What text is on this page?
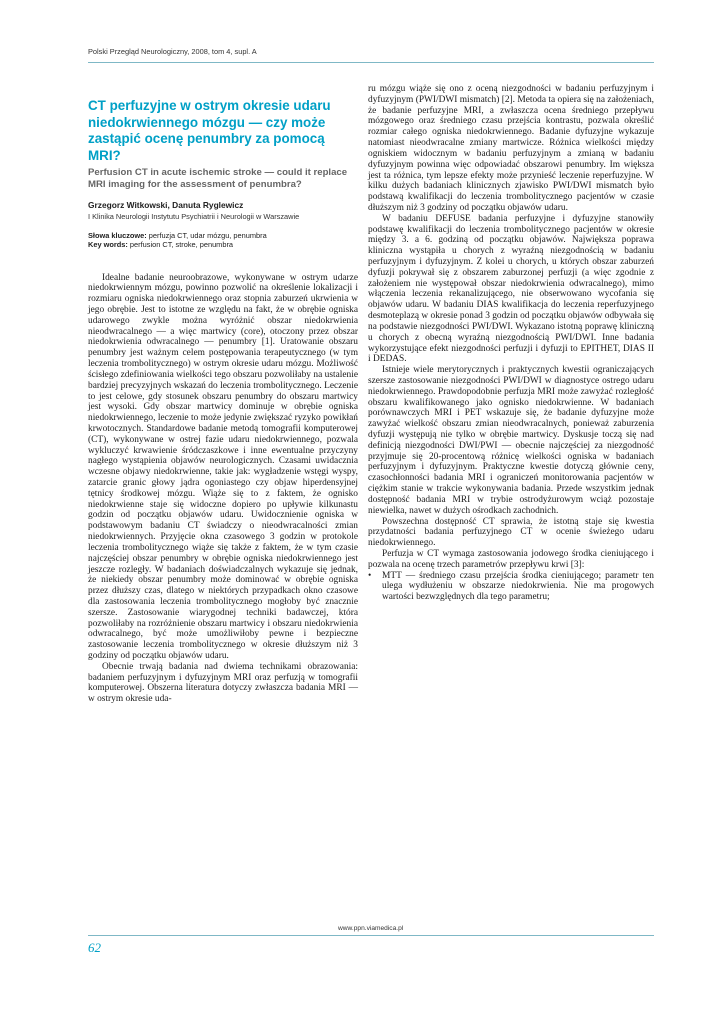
Polski Przegląd Neurologiczny, 2008, tom 4, supl. A
CT perfuzyjne w ostrym okresie udaru niedokrwiennego mózgu — czy może zastąpić ocenę penumbry za pomocą MRI?
Perfusion CT in acute ischemic stroke — could it replace MRI imaging for the assessment of penumbra?
Grzegorz Witkowski, Danuta Ryglewicz
I Klinika Neurologii Instytutu Psychiatrii i Neurologii w Warszawie
Słowa kluczowe: perfuzja CT, udar mózgu, penumbra
Key words: perfusion CT, stroke, penumbra

Idealne badanie neuroobrazowe, wykonywane w ostrym udarze niedokrwiennym mózgu, powinno pozwolić na określenie lokalizacji i rozmiaru ogniska niedokrwiennego oraz stopnia zaburzeń ukrwienia w jego obrębie. Jest to istotne ze względu na fakt, że w obrębie ogniska udarowego zwykle można wyróżnić obszar niedokrwienia nieodwracalnego — a więc martwicy (core), otoczony przez obszar niedokrwienia odwracalnego — penumbry [1]. Uratowanie obszaru penumbry jest ważnym celem postępowania terapeutycznego (w tym leczenia trombolitycznego) w ostrym okresie udaru mózgu. Możliwość ścisłego zdefiniowania wielkości tego obszaru pozwoliłaby na ustalenie bardziej precyzyjnych wskazań do leczenia trombolitycznego. Leczenie to jest celowe, gdy stosunek obszaru penumbry do obszaru martwicy jest wysoki. Gdy obszar martwicy dominuje w obrębie ogniska niedokrwiennego, leczenie to może jedynie zwiększać ryzyko powikłań krwotocznych. Standardowe badanie metodą tomografii komputerowej (CT), wykonywane w ostrej fazie udaru niedokrwiennego, pozwala wykluczyć krwawienie śródczaszkowe i inne ewentualne przyczyny nagłego wystąpienia objawów neurologicznych. Czasami uwidacznia wczesne objawy niedokrwienne, takie jak: wygładzenie wstęgi wyspy, zatarcie granic głowy jądra ogoniastego czy objaw hiperdensyjnej tętnicy środkowej mózgu. Wiąże się to z faktem, że ognisko niedokrwienne staje się widoczne dopiero po upływie kilkunastu godzin od początku objawów udaru. Uwidocznienie ogniska w podstawowym badaniu CT świadczy o nieodwracalności zmian niedokrwiennych. Przyjęcie okna czasowego 3 godzin w protokole leczenia trombolitycznego wiąże się także z faktem, że w tym czasie najczęściej obszar penumbry w obrębie ogniska niedokrwiennego jest jeszcze rozległy. W badaniach doświadczalnych wykazuje się jednak, że niekiedy obszar penumbry może dominować w obrębie ogniska przez dłuższy czas, dlatego w niektórych przypadkach okno czasowe dla zastosowania leczenia trombolitycznego mogłoby być znacznie szersze. Zastosowanie wiarygodnej techniki badawczej, która pozwoliłaby na rozróżnienie obszaru martwicy i obszaru niedokrwienia odwracalnego, być może umożliwiłoby pewne i bezpieczne zastosowanie leczenia trombolitycznego w okresie dłuższym niż 3 godziny od początku objawów udaru.

Obecnie trwają badania nad dwiema technikami obrazowania: badaniem perfuzyjnym i dyfuzyjnym MRI oraz perfuzją w tomografii komputerowej. Obszerna literatura dotyczy zwłaszcza badania MRI — w ostrym okresie uda-

ru mózgu wiąże się ono z oceną niezgodności w badaniu perfuzyjnym i dyfuzyjnym (PWI/DWI mismatch) [2]. Metoda ta opiera się na założeniach, że badanie perfuzyjne MRI, a zwłaszcza ocena średniego przepływu mózgowego oraz średniego czasu przejścia kontrastu, pozwala określić rozmiar całego ogniska niedokrwiennego. Badanie dyfuzyjne wykazuje natomiast nieodwracalne zmiany martwicze. Różnica wielkości między ogniskiem widocznym w badaniu perfuzyjnym a zmianą w badaniu dyfuzyjnym powinna więc odpowiadać obszarowi penumbry. Im większa jest ta różnica, tym lepsze efekty może przynieść leczenie reperfuzyjne. W kilku dużych badaniach klinicznych zjawisko PWI/DWI mismatch było podstawą kwalifikacji do leczenia trombolitycznego pacjentów w czasie dłuższym niż 3 godziny od początku objawów udaru.

W badaniu DEFUSE badania perfuzyjne i dyfuzyjne stanowiły podstawę kwalifikacji do leczenia trombolitycznego pacjentów w okresie między 3. a 6. godziną od początku objawów. Największa poprawa kliniczna wystąpiła u chorych z wyraźną niezgodnością w badaniu perfuzyjnym i dyfuzyjnym. Z kolei u chorych, u których obszar zaburzeń dyfuzji pokrywał się z obszarem zaburzonej perfuzji (a więc zgodnie z założeniem nie występował obszar niedokrwienia odwracalnego), mimo włączenia leczenia rekanalizującego, nie obserwowano wycofania się objawów udaru. W badaniu DIAS kwalifikacja do leczenia reperfuzyjnego desmoteplazą w okresie ponad 3 godzin od początku objawów odbywała się na podstawie niezgodności PWI/DWI. Wykazano istotną poprawę kliniczną u chorych z obecną wyraźną niezgodnością PWI/DWI. Inne badania wykorzystujące efekt niezgodności perfuzji i dyfuzji to EPITHET, DIAS II i DEDAS.

Istnieje wiele merytorycznych i praktycznych kwestii ograniczających szersze zastosowanie niezgodności PWI/DWI w diagnostyce ostrego udaru niedokrwiennego. Prawdopodobnie perfuzja MRI może zawyżać rozległość obszaru kwalifikowanego jako ognisko niedokrwienne. W badaniach porównawczych MRI i PET wskazuje się, że badanie dyfuzyjne może zawyżać wielkość obszaru zmian nieodwracalnych, ponieważ zaburzenia dyfuzji występują nie tylko w obrębie martwicy. Dyskusje toczą się nad definicją niezgodności DWI/PWI — obecnie najczęściej za niezgodność przyjmuje się 20-procentową różnicę wielkości ogniska w badaniach perfuzyjnym i dyfuzyjnym. Praktyczne kwestie dotyczą głównie ceny, czasochłonności badania MRI i ograniczeń monitorowania pacjentów w ciężkim stanie w trakcie wykonywania badania. Przede wszystkim jednak dostępność badania MRI w trybie ostrodyżurowym wciąż pozostaje niewielka, nawet w dużych ośrodkach zachodnich.

Powszechna dostępność CT sprawia, że istotną staje się kwestia przydatności badania perfuzyjnego CT w ocenie świeżego udaru niedokrwiennego.

Perfuzja w CT wymaga zastosowania jodowego środka cieniującego i pozwala na ocenę trzech parametrów przepływu krwi [3]:

• MTT — średniego czasu przejścia środka cieniującego; parametr ten ulega wydłużeniu w obszarze niedokrwienia. Nie ma progowych wartości bezwzględnych dla tego parametru;
www.ppn.viamedica.pl
62
